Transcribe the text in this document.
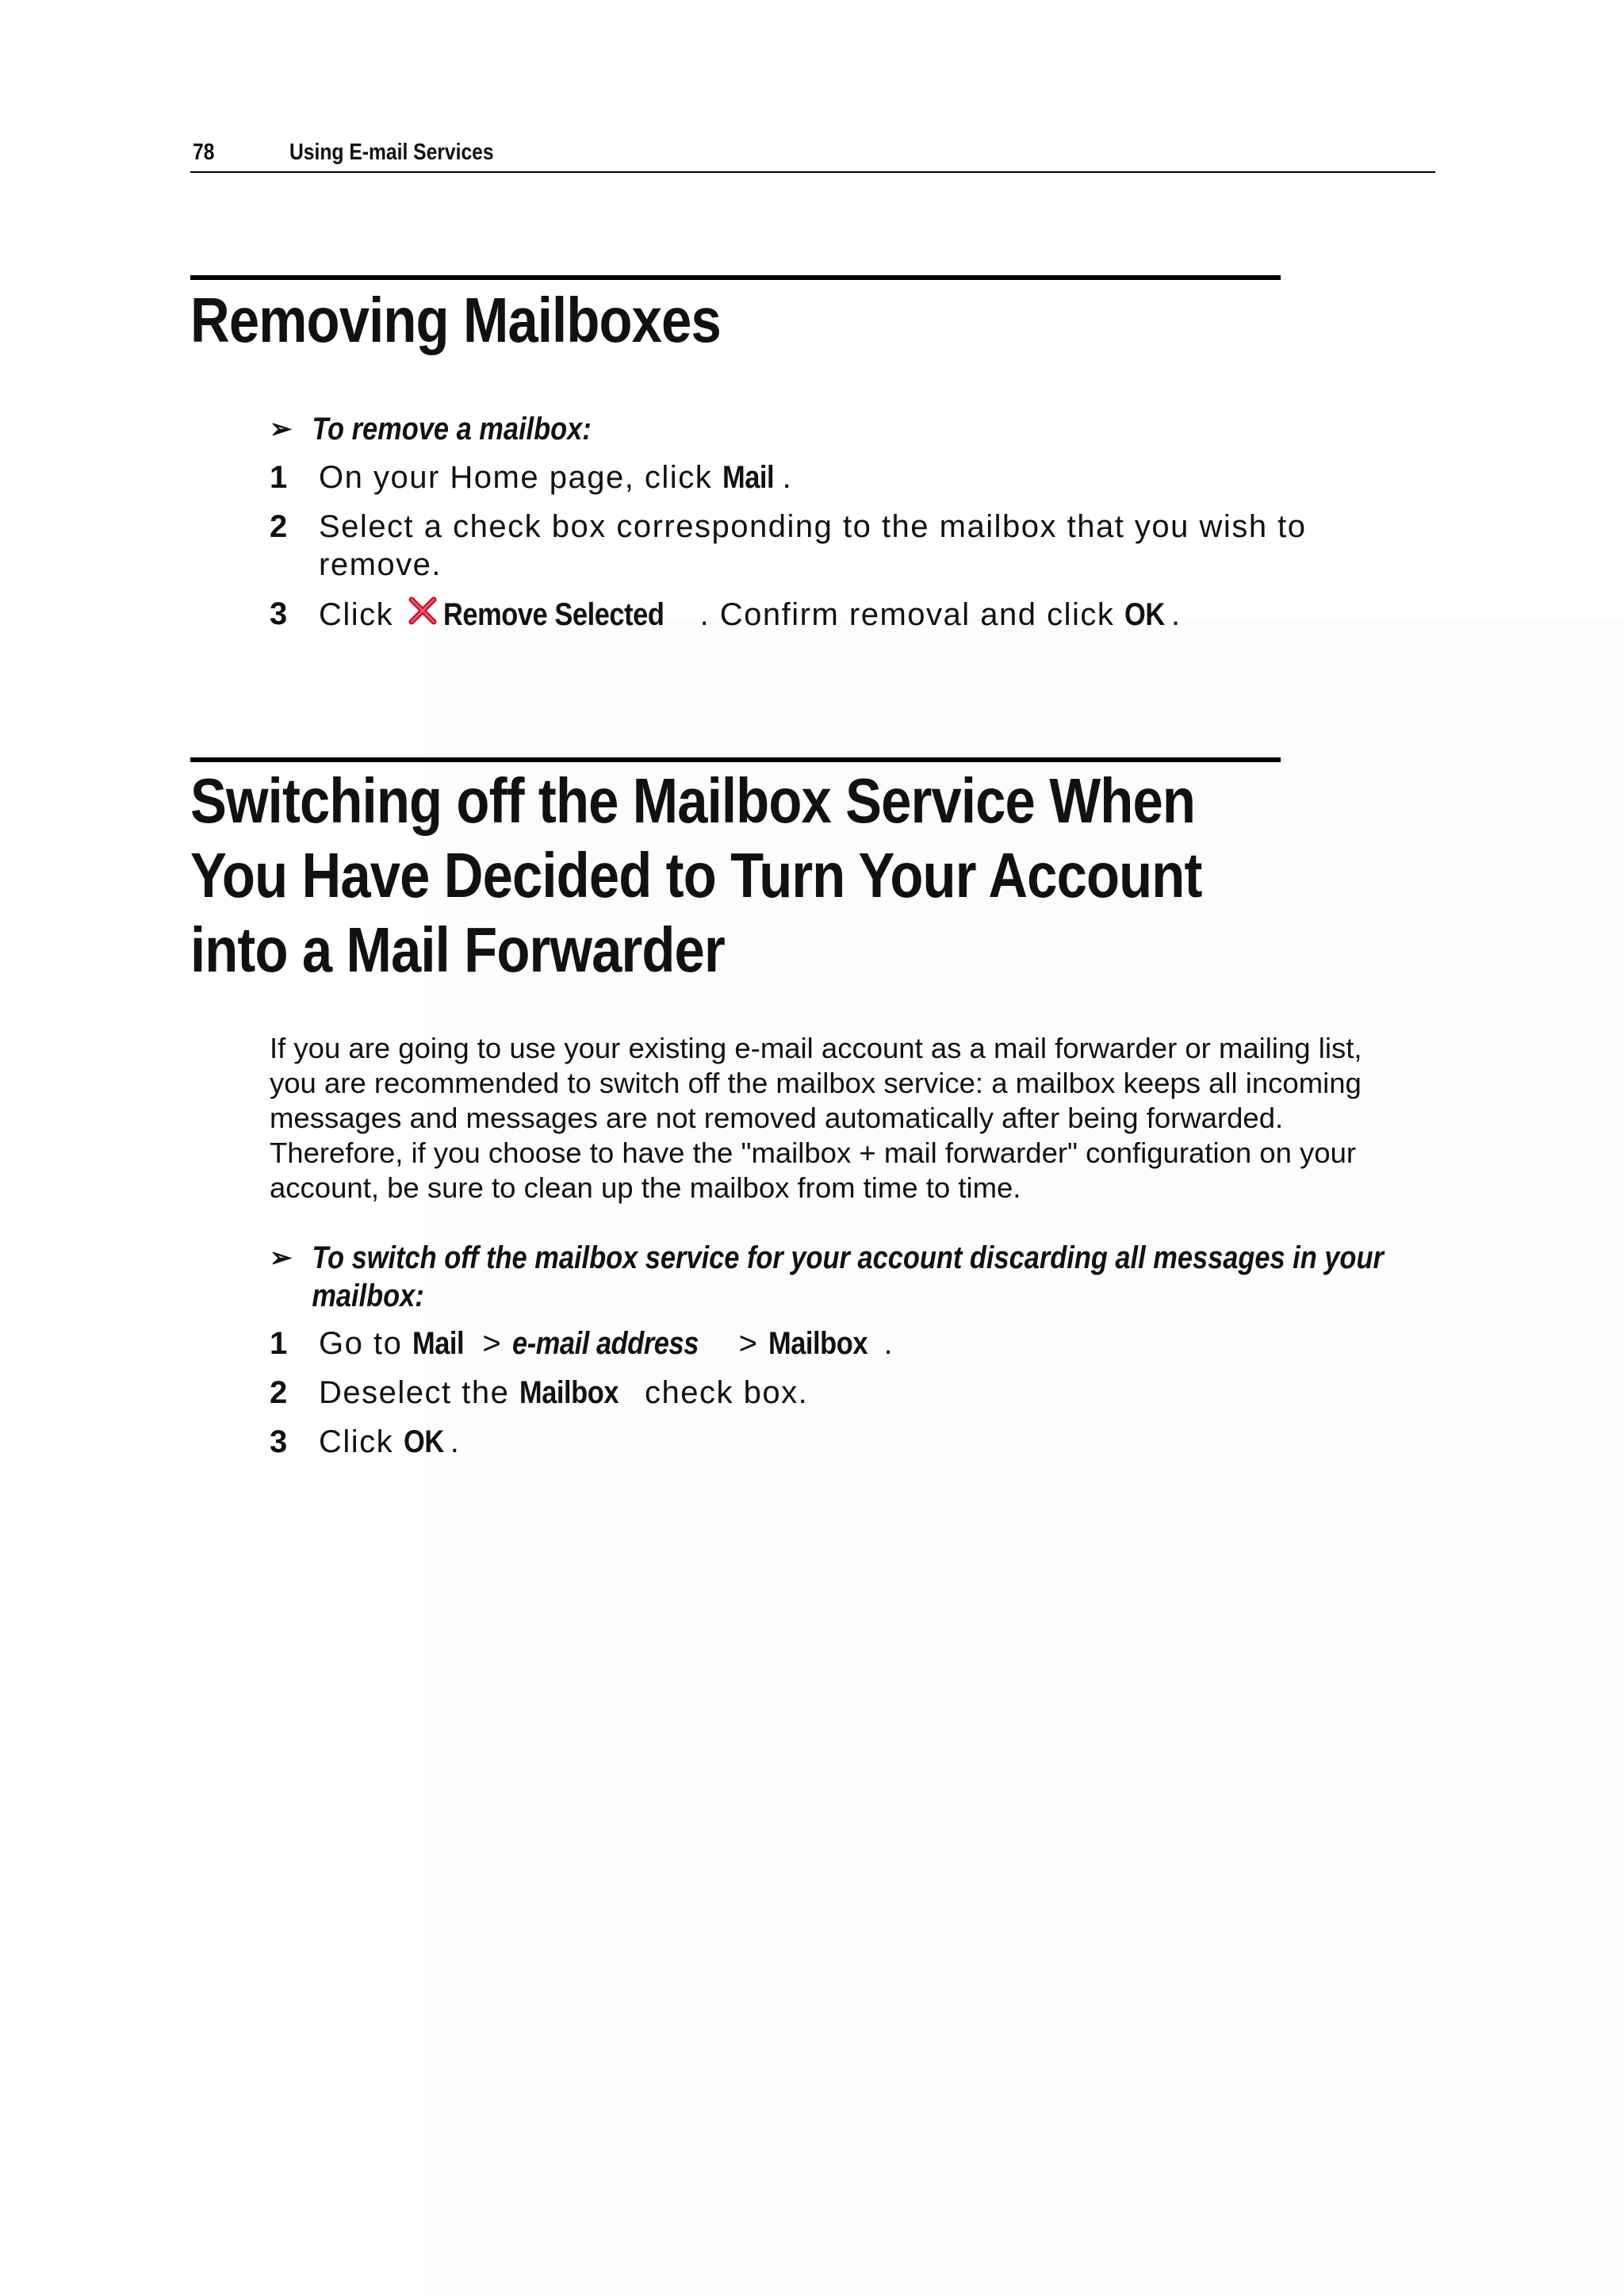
78	Using E-mail Services
Removing Mailboxes
➢ To remove a mailbox:
1 On your Home page, click Mail .
2 Select a check box corresponding to the mailbox that you wish to remove.
3 Click Remove Selected . Confirm removal and click OK .
Switching off the Mailbox Service When
You Have Decided to Turn Your Account
into a Mail Forwarder

If you are going to use your existing e-mail account as a mail forwarder or mailing list, you are recommended to switch off the mailbox service: a mailbox keeps all incoming messages and messages are not removed automatically after being forwarded. Therefore, if you choose to have the "mailbox + mail forwarder" configuration on your account, be sure to clean up the mailbox from time to time.

➢ To switch off the mailbox service for your account discarding all messages in your mailbox:
1 Go to Mail > e-mail address > Mailbox .
2 Deselect the Mailbox check box.
3 Click OK .
